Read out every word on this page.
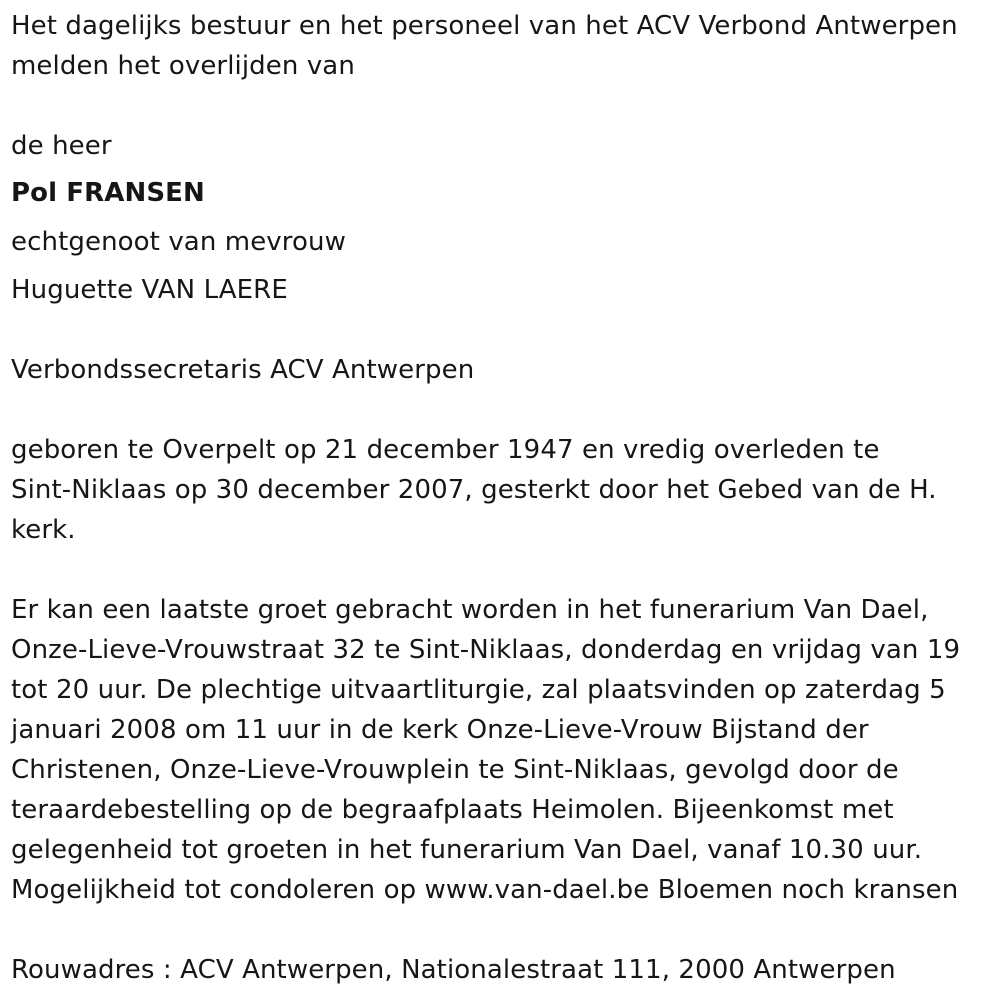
Het dagelijks bestuur en het personeel van het ACV Verbond Antwerpen
melden het overlijden van
de heer
Pol FRANSEN
echtgenoot van mevrouw
Huguette VAN LAERE
Verbondssecretaris ACV Antwerpen
geboren te Overpelt op 21 december 1947 en vredig overleden te
Sint-Niklaas op 30 december 2007, gesterkt door het Gebed van de H.
kerk.
Er kan een laatste groet gebracht worden in het funerarium Van Dael,
Onze-Lieve-Vrouwstraat 32 te Sint-Niklaas, donderdag en vrijdag van 19
tot 20 uur. De plechtige uitvaartliturgie, zal plaatsvinden op zaterdag 5
januari 2008 om 11 uur in de kerk Onze-Lieve-Vrouw Bijstand der
Christenen, Onze-Lieve-Vrouwplein te Sint-Niklaas, gevolgd door de
teraardebestelling op de begraafplaats Heimolen. Bijeenkomst met
gelegenheid tot groeten in het funerarium Van Dael, vanaf 10.30 uur.
Mogelijkheid tot condoleren op www.van-dael.be Bloemen noch kransen
Rouwadres : ACV Antwerpen, Nationalestraat 111, 2000 Antwerpen
